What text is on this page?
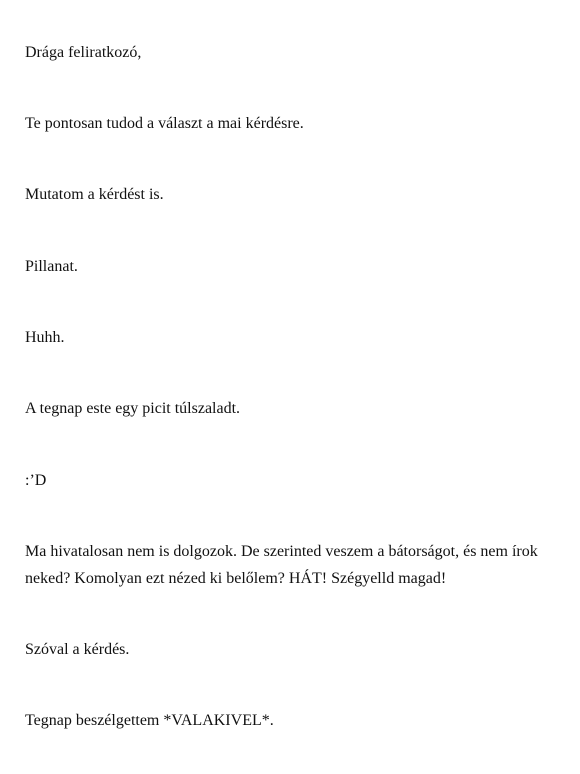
Drága feliratkozó,

Te pontosan tudod a választ a mai kérdésre.

Mutatom a kérdést is.

Pillanat.

Huhh.

A tegnap este egy picit túlszaladt.

:’D

Ma hivatalosan nem is dolgozok. De szerinted veszem a bátorságot, és nem írok neked? Komolyan ezt nézed ki belőlem? HÁT! Szégyelld magad!

Szóval a kérdés.

Tegnap beszélgettem *VALAKIVEL*.
